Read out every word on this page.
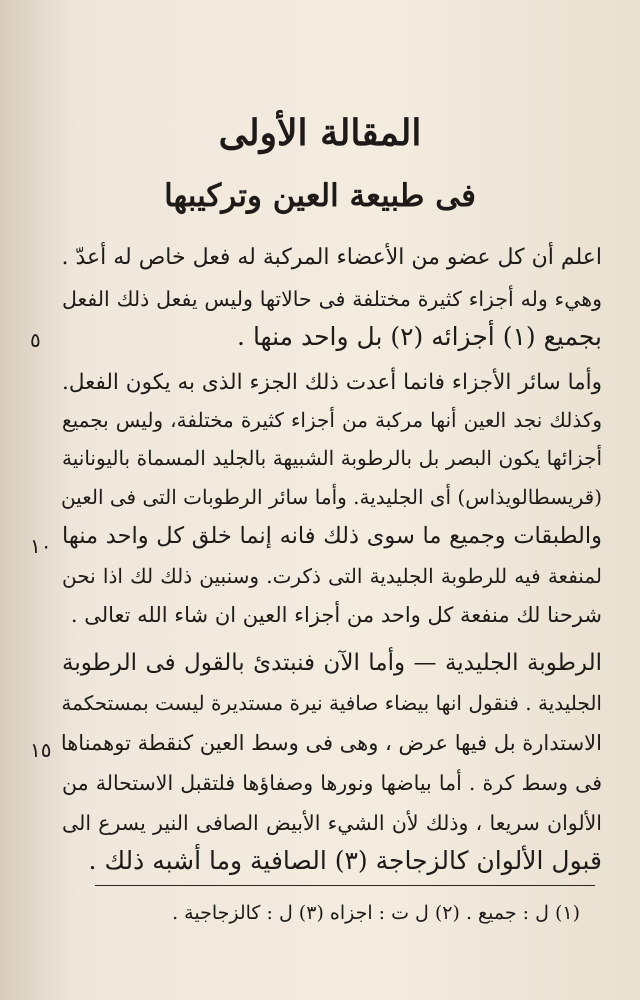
المقالة الأولى
فى طبيعة العين وتركيبها
اعلم أن كل عضو من الأعضاء المركبة له فعل خاص له أعدّ .
وهيء وله أجزاء كثيرة مختلفة فى حالاتها وليس يفعل ذلك الفعل
بجميع (١) أجزائه (٢) بل واحد منها .
وأما سائر الأجزاء فانما أعدت ذلك الجزء الذى به يكون الفعل.
وكذلك نجد العين أنها مركبة من أجزاء كثيرة مختلفة، وليس بجميع
أجزائها يكون البصر بل بالرطوبة الشبيهة بالجليد المسماة باليونانية
(قريسطالويذاس) أى الجليدية. وأما سائر الرطوبات التى فى العين
والطبقات وجميع ما سوى ذلك فانه إنما خلق كل واحد منها
لمنفعة فيه للرطوبة الجليدية التى ذكرت. وسنبين ذلك لك اذا نحن
شرحنا لك منفعة كل واحد من أجزاء العين ان شاء الله تعالى .
الرطوبة الجليدية — وأما الآن فنبتدئ بالقول فى الرطوبة
الجليدية . فنقول انها بيضاء صافية نيرة مستديرة ليست بمستحكمة
الاستدارة بل فيها عرض ، وهى فى وسط العين كنقطة توهمناها
فى وسط كرة . أما بياضها ونورها وصفاؤها فلتقبل الاستحالة من
الألوان سريعا ، وذلك لأن الشيء الأبيض الصافى النير يسرع الى
قبول الألوان كالزجاجة (٣) الصافية وما أشبه ذلك .
٥
١٠
١٥
(١) ل : جميع . (٢) ل ت : اجزاه (٣) ل : كالزجاجية .
